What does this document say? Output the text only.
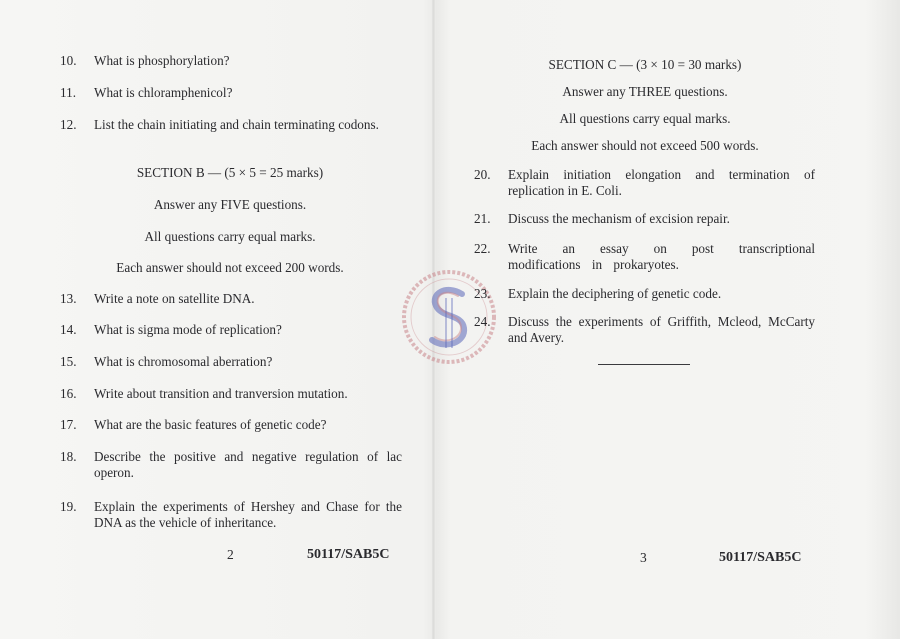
10. What is phosphorylation?
11. What is chloramphenicol?
12. List the chain initiating and chain terminating codons.
SECTION B — (5 × 5 = 25 marks)
Answer any FIVE questions.
All questions carry equal marks.
Each answer should not exceed 200 words.
13. Write a note on satellite DNA.
14. What is sigma mode of replication?
15. What is chromosomal aberration?
16. Write about transition and tranversion mutation.
17. What are the basic features of genetic code?
18. Describe the positive and negative regulation of lac operon.
19. Explain the experiments of Hershey and Chase for the DNA as the vehicle of inheritance.
2	50117/SAB5C
SECTION C — (3 × 10 = 30 marks)
Answer any THREE questions.
All questions carry equal marks.
Each answer should not exceed 500 words.
20. Explain initiation elongation and termination of replication in E. Coli.
21. Discuss the mechanism of excision repair.
22. Write an essay on post transcriptional modifications in prokaryotes.
23. Explain the deciphering of genetic code.
24. Discuss the experiments of Griffith, Mcleod, McCarty and Avery.
3	50117/SAB5C
